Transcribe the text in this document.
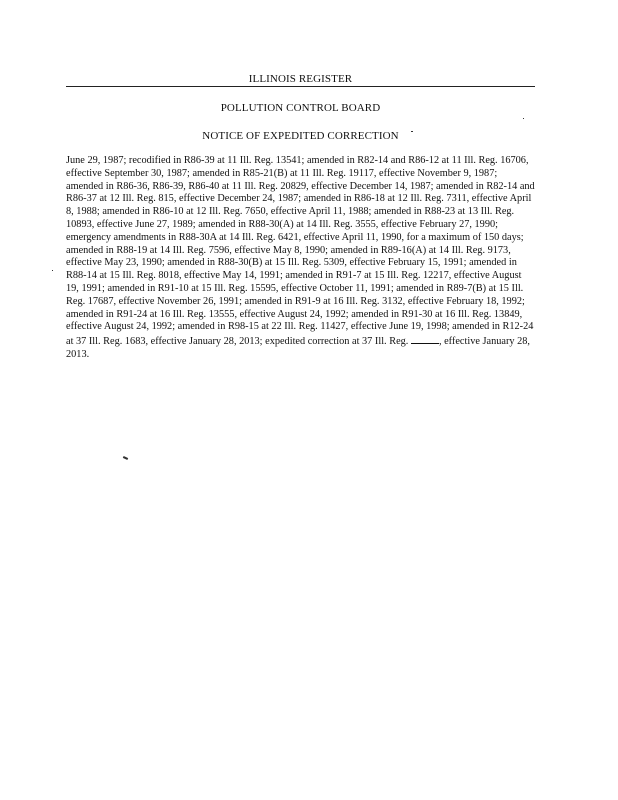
ILLINOIS REGISTER
POLLUTION CONTROL BOARD
NOTICE OF EXPEDITED CORRECTION

June 29, 1987; recodified in R86-39 at 11 Ill. Reg. 13541; amended in R82-14 and R86-12 at 11 Ill. Reg. 16706, effective September 30, 1987; amended in R85-21(B) at 11 Ill. Reg. 19117, effective November 9, 1987; amended in R86-36, R86-39, R86-40 at 11 Ill. Reg. 20829, effective December 14, 1987; amended in R82-14 and R86-37 at 12 Ill. Reg. 815, effective December 24, 1987; amended in R86-18 at 12 Ill. Reg. 7311, effective April 8, 1988; amended in R86-10 at 12 Ill. Reg. 7650, effective April 11, 1988; amended in R88-23 at 13 Ill. Reg. 10893, effective June 27, 1989; amended in R88-30(A) at 14 Ill. Reg. 3555, effective February 27, 1990; emergency amendments in R88-30A at 14 Ill. Reg. 6421, effective April 11, 1990, for a maximum of 150 days; amended in R88-19 at 14 Ill. Reg. 7596, effective May 8, 1990; amended in R89-16(A) at 14 Ill. Reg. 9173, effective May 23, 1990; amended in R88-30(B) at 15 Ill. Reg. 5309, effective February 15, 1991; amended in R88-14 at 15 Ill. Reg. 8018, effective May 14, 1991; amended in R91-7 at 15 Ill. Reg. 12217, effective August 19, 1991; amended in R91-10 at 15 Ill. Reg. 15595, effective October 11, 1991; amended in R89-7(B) at 15 Ill. Reg. 17687, effective November 26, 1991; amended in R91-9 at 16 Ill. Reg. 3132, effective February 18, 1992; amended in R91-24 at 16 Ill. Reg. 13555, effective August 24, 1992; amended in R91-30 at 16 Ill. Reg. 13849, effective August 24, 1992; amended in R98-15 at 22 Ill. Reg. 11427, effective June 19, 1998; amended in R12-24 at 37 Ill. Reg. 1683, effective January 28, 2013; expedited correction at 37 Ill. Reg.	, effective January 28, 2013.
